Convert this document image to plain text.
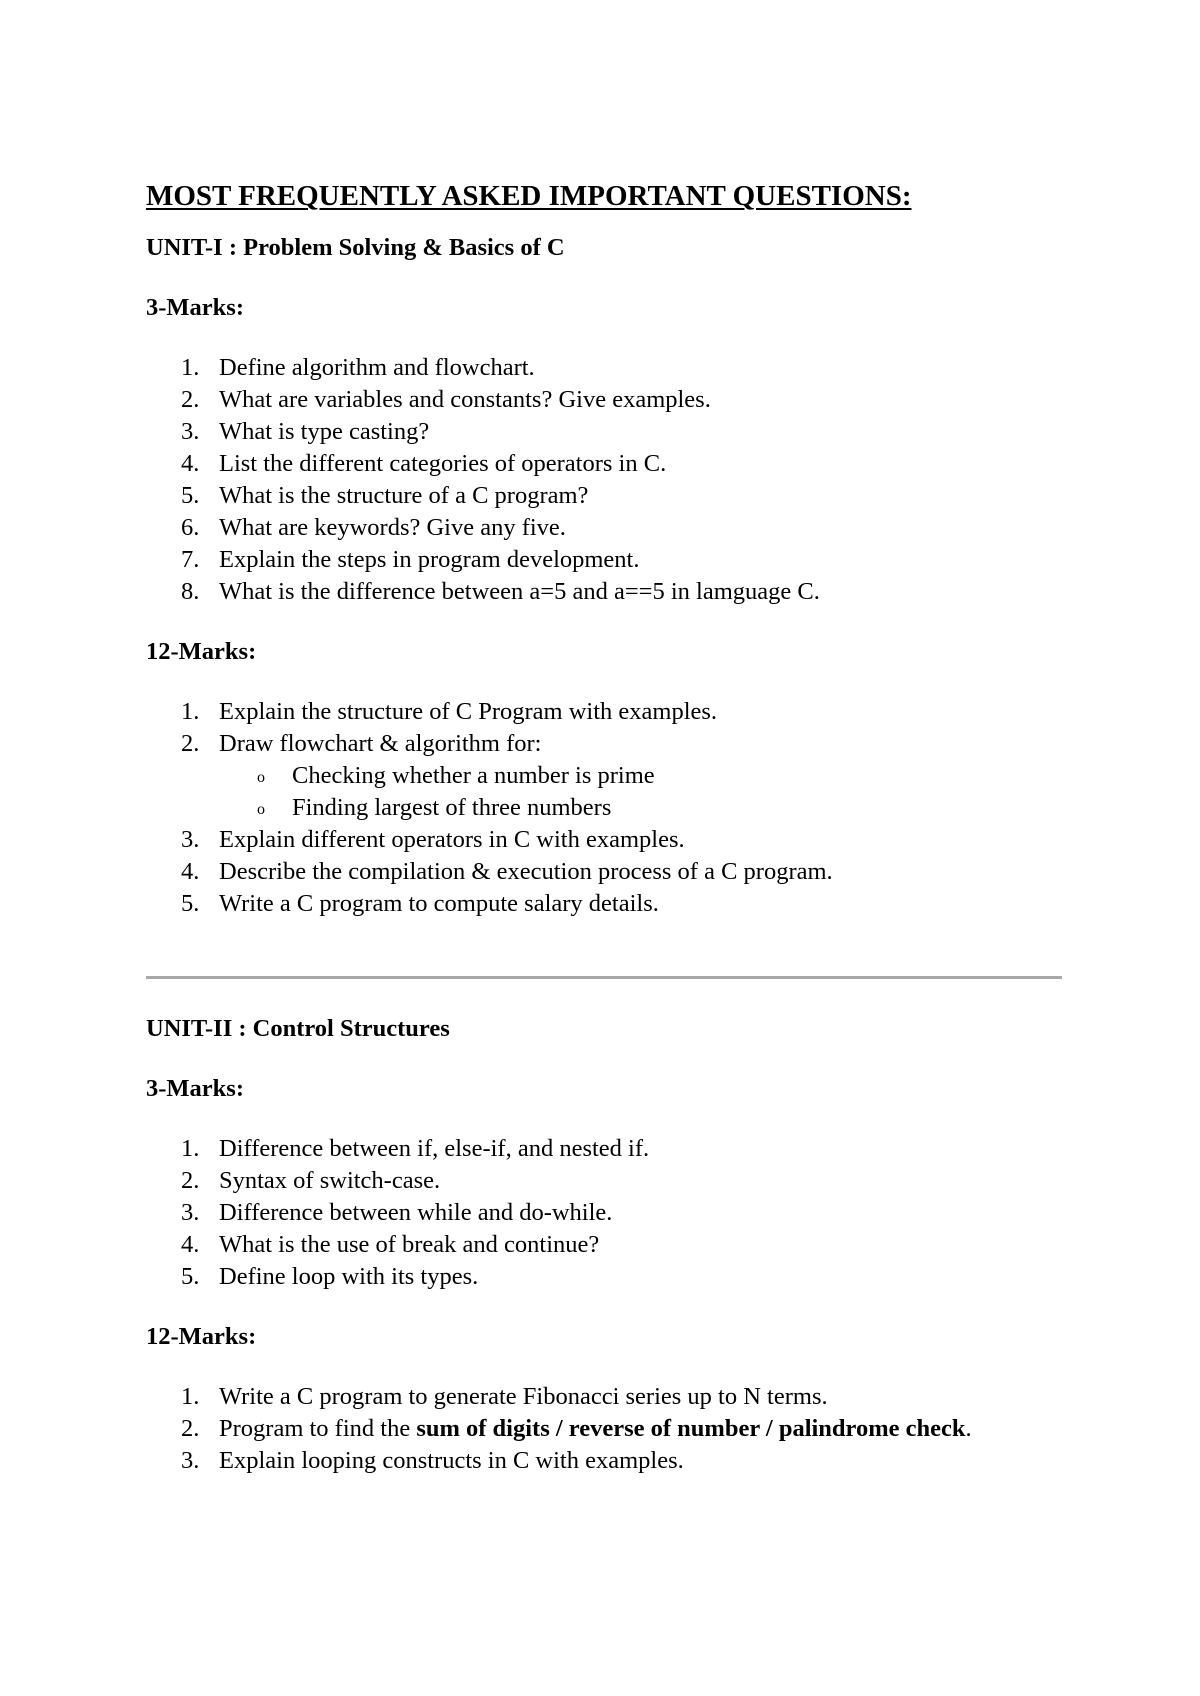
MOST FREQUENTLY ASKED IMPORTANT QUESTIONS:
UNIT-I : Problem Solving & Basics of C
3-Marks:
1. Define algorithm and flowchart.
2. What are variables and constants? Give examples.
3. What is type casting?
4. List the different categories of operators in C.
5. What is the structure of a C program?
6. What are keywords? Give any five.
7. Explain the steps in program development.
8. What is the difference between a=5 and a==5 in lamguage C.
12-Marks:
1. Explain the structure of C Program with examples.
2. Draw flowchart & algorithm for:
o Checking whether a number is prime
o Finding largest of three numbers
3. Explain different operators in C with examples.
4. Describe the compilation & execution process of a C program.
5. Write a C program to compute salary details.
UNIT-II : Control Structures
3-Marks:
1. Difference between if, else-if, and nested if.
2. Syntax of switch-case.
3. Difference between while and do-while.
4. What is the use of break and continue?
5. Define loop with its types.
12-Marks:
1. Write a C program to generate Fibonacci series up to N terms.
2. Program to find the sum of digits / reverse of number / palindrome check.
3. Explain looping constructs in C with examples.
